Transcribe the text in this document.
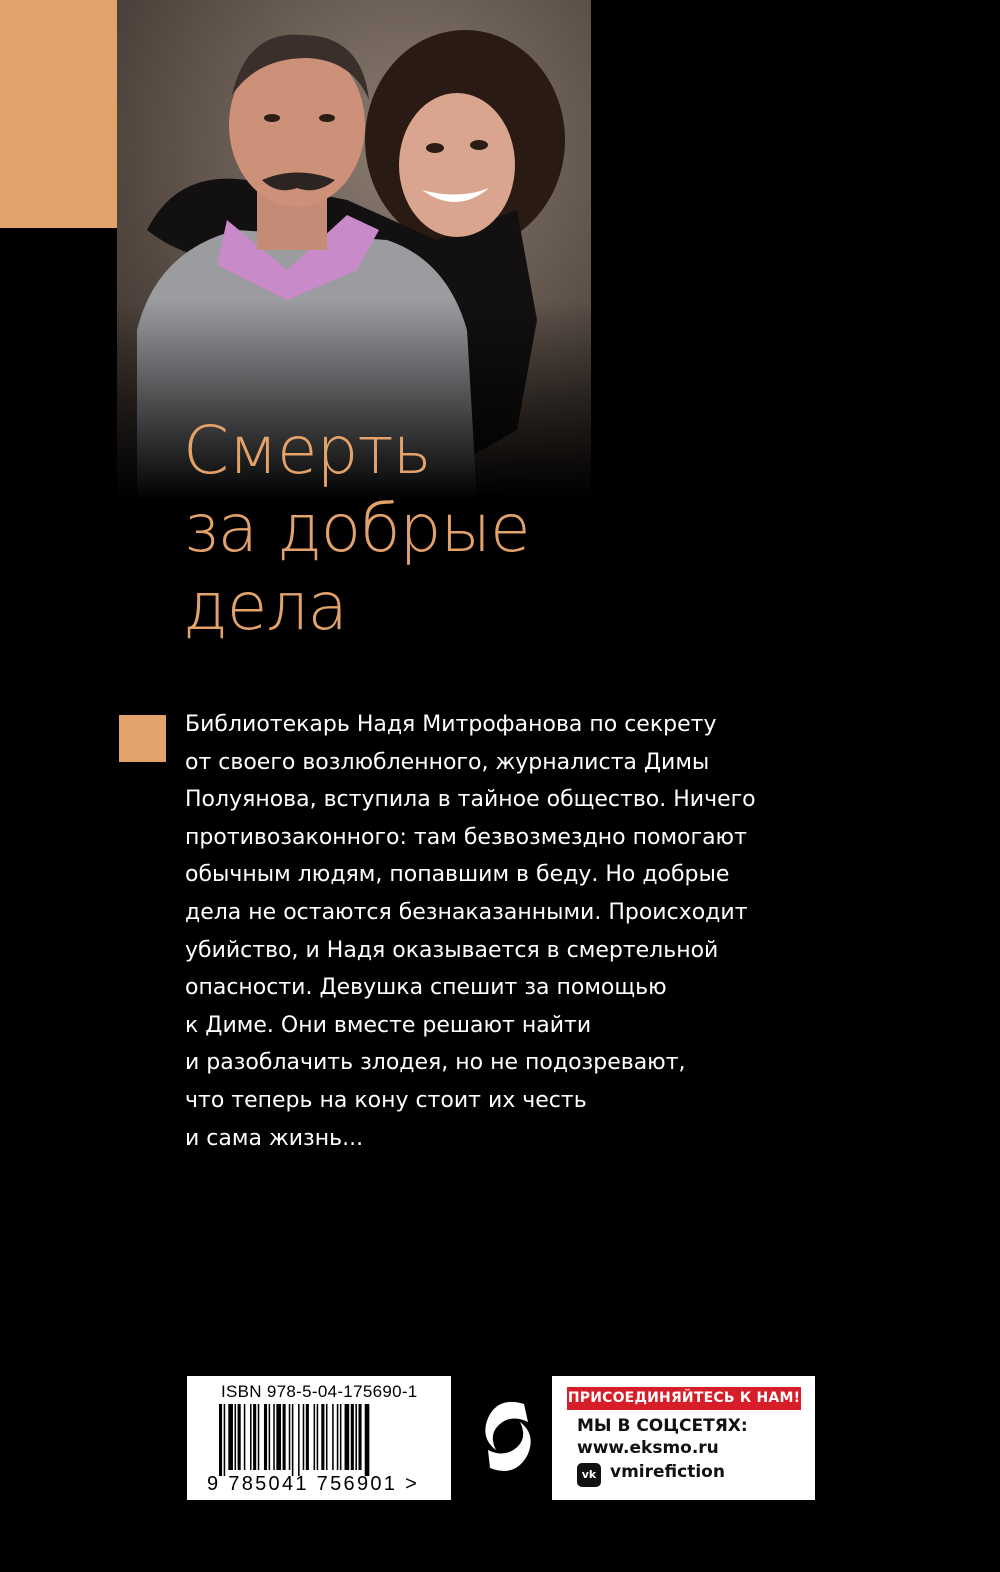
Смерть
за добрые
дела
Библиотекарь Надя Митрофанова по секрету
от своего возлюбленного, журналиста Димы
Полуянова, вступила в тайное общество. Ничего
противозаконного: там безвозмездно помогают
обычным людям, попавшим в беду. Но добрые
дела не остаются безнаказанными. Происходит
убийство, и Надя оказывается в смертельной
опасности. Девушка спешит за помощью
к Диме. Они вместе решают найти
и разоблачить злодея, но не подозревают,
что теперь на кону стоит их честь
и сама жизнь...
ISBN 978-5-04-175690-1
9 785041 756901 >
ПРИСОЕДИНЯЙТЕСЬ К НАМ!
МЫ В СОЦСЕТЯХ:
www.eksmo.ru
vk vmirefiction
